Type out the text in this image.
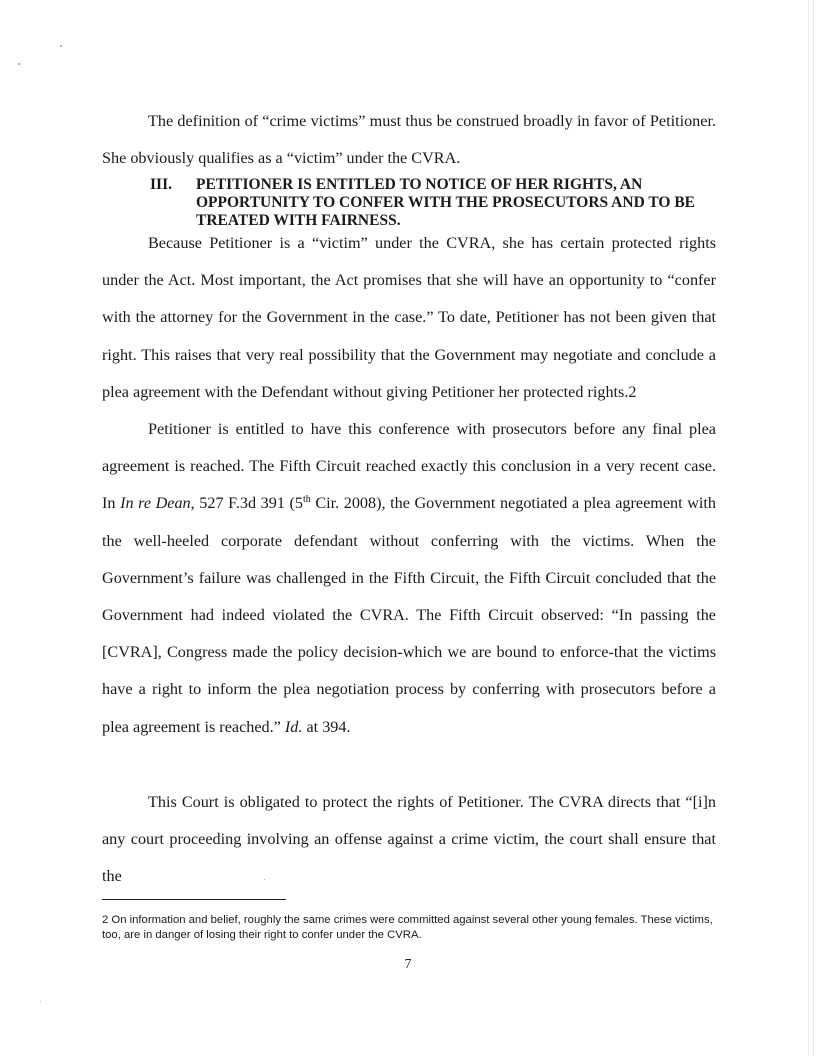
The definition of “crime victims” must thus be construed broadly in favor of Petitioner. She obviously qualifies as a “victim” under the CVRA.

III. PETITIONER IS ENTITLED TO NOTICE OF HER RIGHTS, AN OPPORTUNITY TO CONFER WITH THE PROSECUTORS AND TO BE TREATED WITH FAIRNESS.

Because Petitioner is a “victim” under the CVRA, she has certain protected rights under the Act. Most important, the Act promises that she will have an opportunity to “confer with the attorney for the Government in the case.” To date, Petitioner has not been given that right. This raises that very real possibility that the Government may negotiate and conclude a plea agreement with the Defendant without giving Petitioner her protected rights.2

Petitioner is entitled to have this conference with prosecutors before any final plea agreement is reached. The Fifth Circuit reached exactly this conclusion in a very recent case. In In re Dean, 527 F.3d 391 (5th Cir. 2008), the Government negotiated a plea agreement with the well-heeled corporate defendant without conferring with the victims. When the Government’s failure was challenged in the Fifth Circuit, the Fifth Circuit concluded that the Government had indeed violated the CVRA. The Fifth Circuit observed: “In passing the [CVRA], Congress made the policy decision-which we are bound to enforce-that the victims have a right to inform the plea negotiation process by conferring with prosecutors before a plea agreement is reached.” Id. at 394.

This Court is obligated to protect the rights of Petitioner. The CVRA directs that “[i]n any court proceeding involving an offense against a crime victim, the court shall ensure that the

2 On information and belief, roughly the same crimes were committed against several other young females. These victims, too, are in danger of losing their right to confer under the CVRA.

7
